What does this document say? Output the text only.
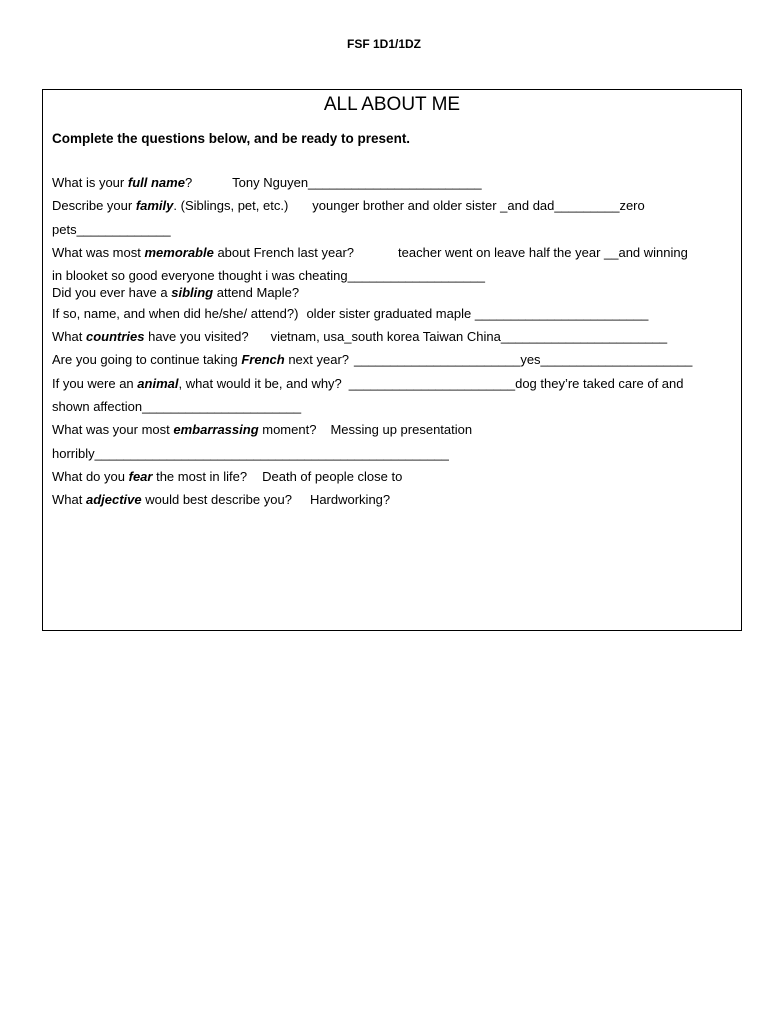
FSF 1D1/1DZ
ALL ABOUT ME
Complete the questions below, and be ready to present.
What is your full name?	Tony Nguyen________________________
Describe your family. (Siblings, pet, etc.) younger brother and older sister _and dad_________zero
pets_____________
What was most memorable about French last year?	teacher went on leave half the year __and winning
in blooket so good everyone thought i was cheating___________________
Did you ever have a sibling attend Maple?
If so, name, and when did he/she/ attend?) older sister graduated maple ________________________
What countries have you visited? vietnam, usa_south korea Taiwan China_______________________
Are you going to continue taking French next year? _______________________yes_____________________
If you were an animal, what would it be, and why? _______________________dog they’re taked care of and
shown affection______________________
What was your most embarrassing moment? Messing up presentation
horribly_________________________________________________
What do you fear the most in life? Death of people close to
What adjective would best describe you? Hardworking?
